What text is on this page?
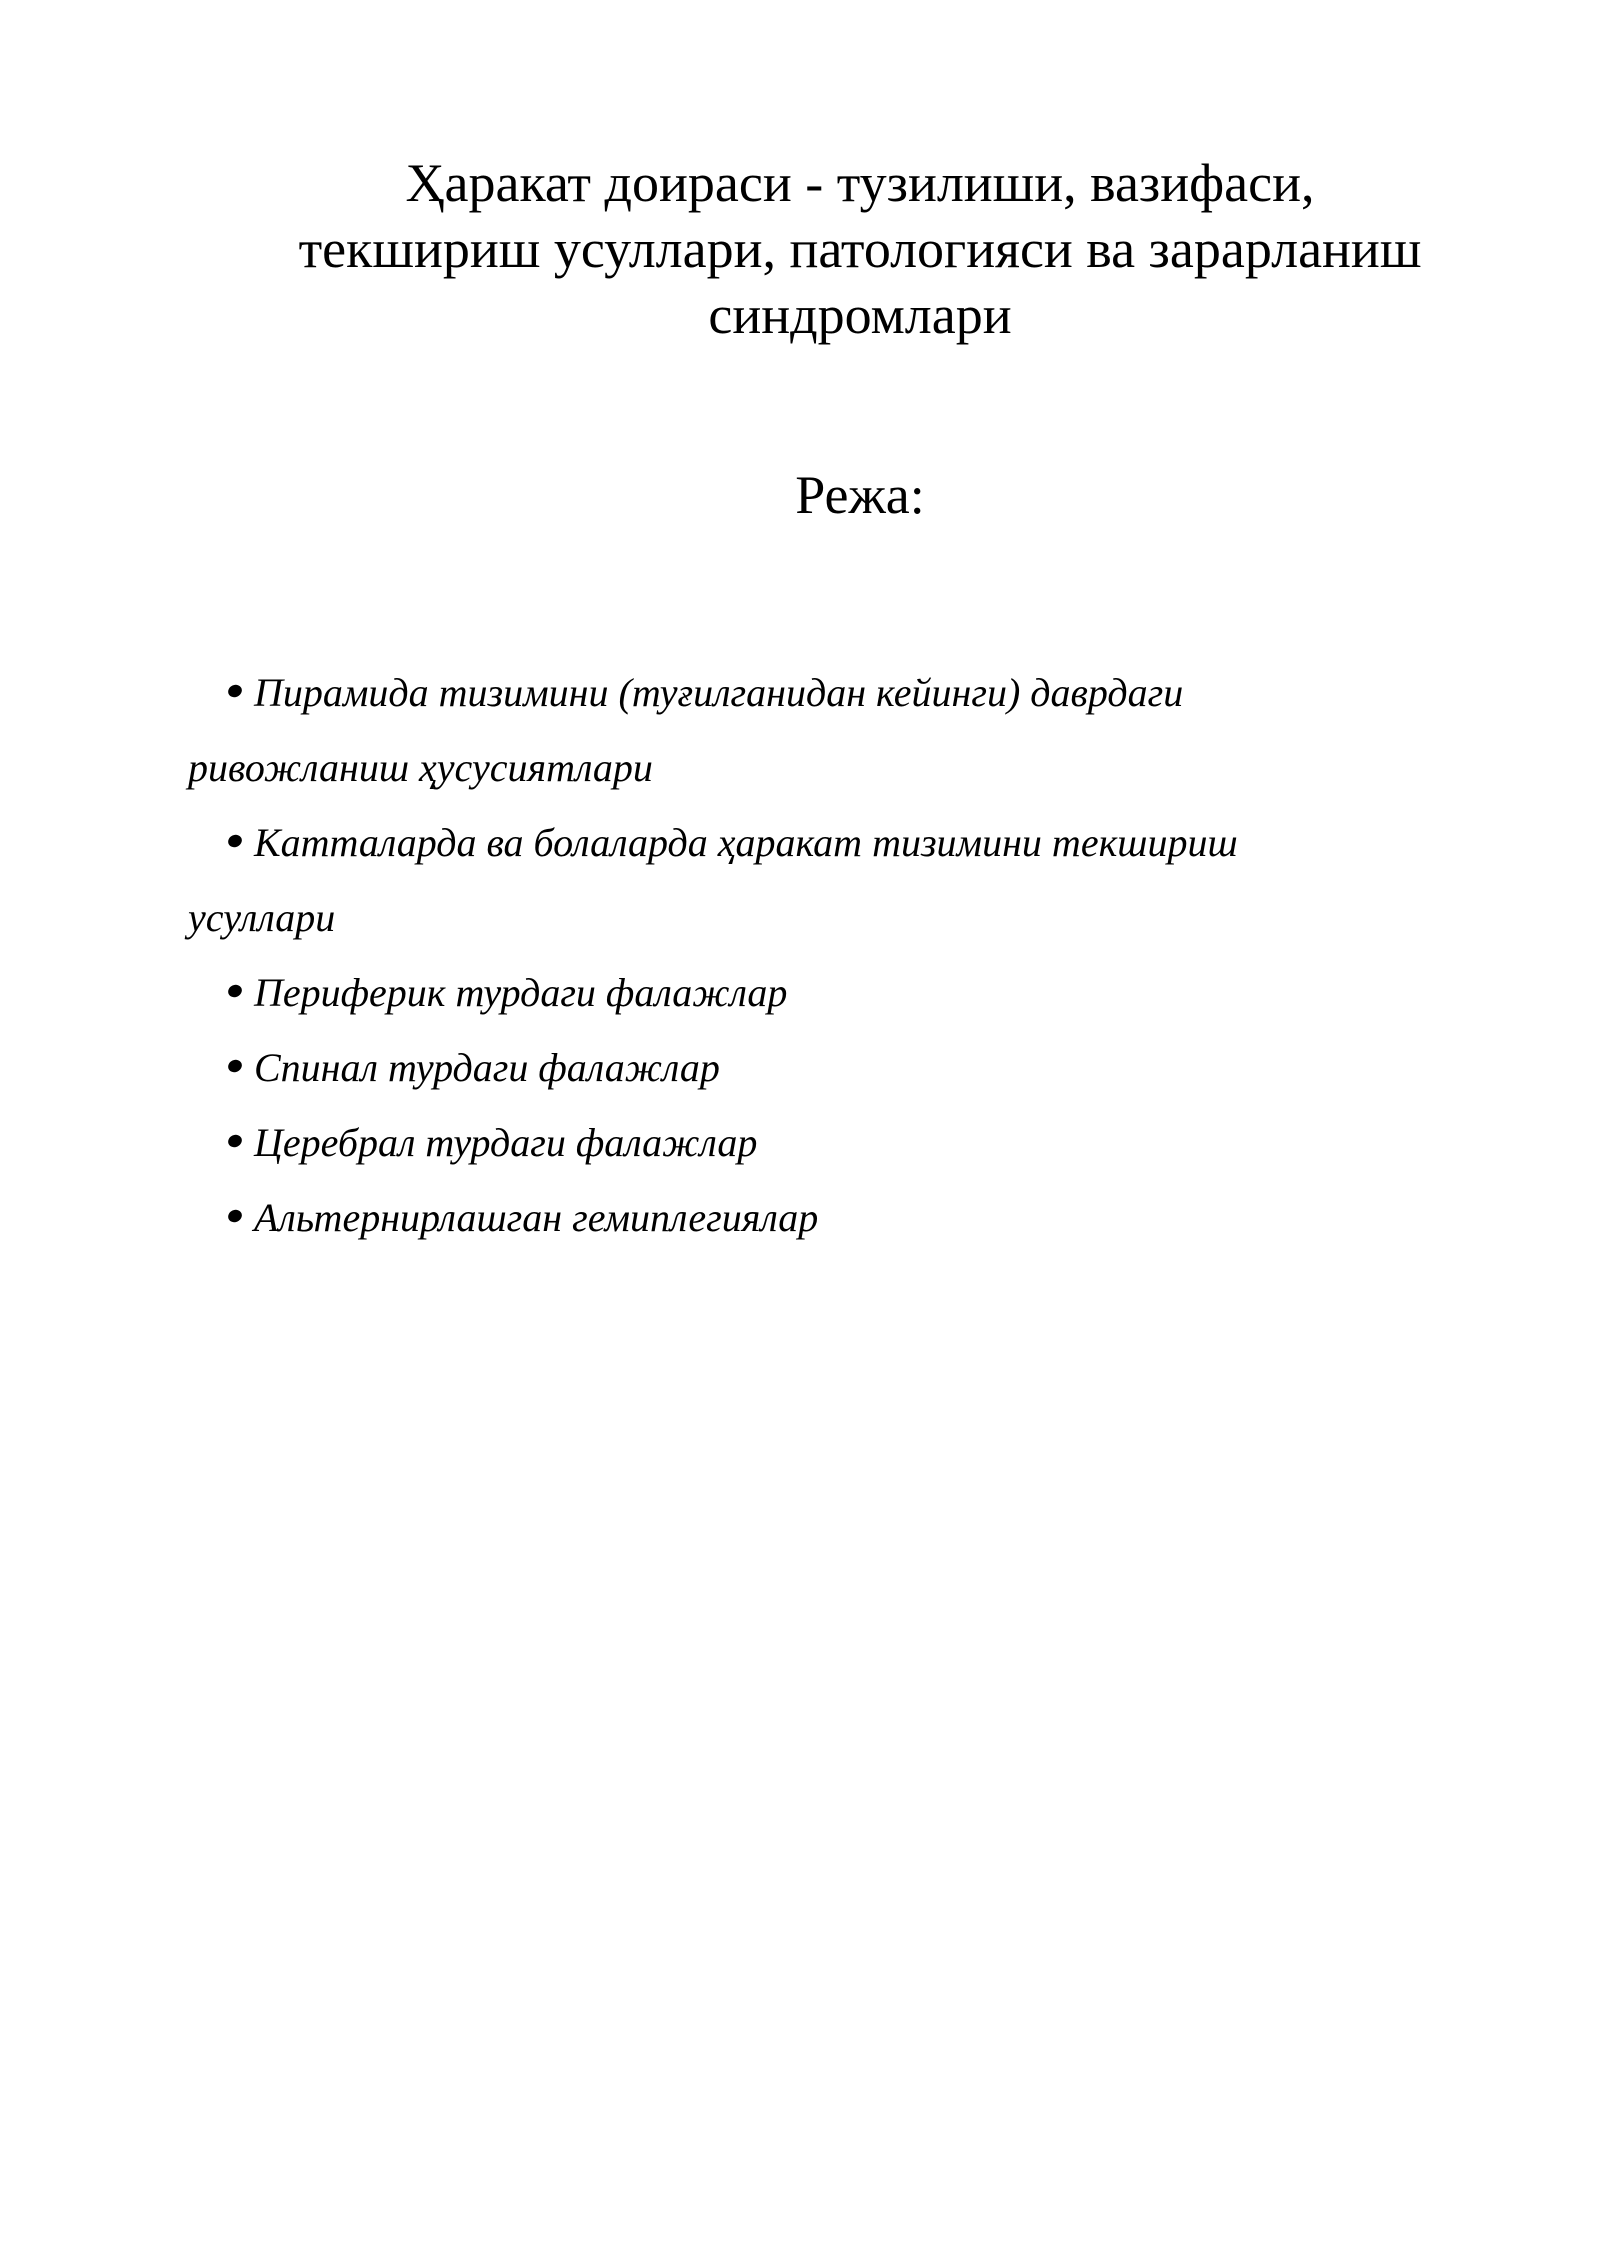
Ҳаракат доираси - тузилиши, вазифаси,
текшириш усуллари, патологияси ва зарарланиш
синдромлари
Режа:
Пирамида тизимини (туғилганидан кейинги) даврдаги
ривожланиш ҳусусиятлари
Катталарда ва болаларда ҳаракат тизимини текшириш
усуллари
Периферик турдаги фалажлар
Спинал турдаги фалажлар
Церебрал турдаги фалажлар
Альтернирлашган гемиплегиялар
